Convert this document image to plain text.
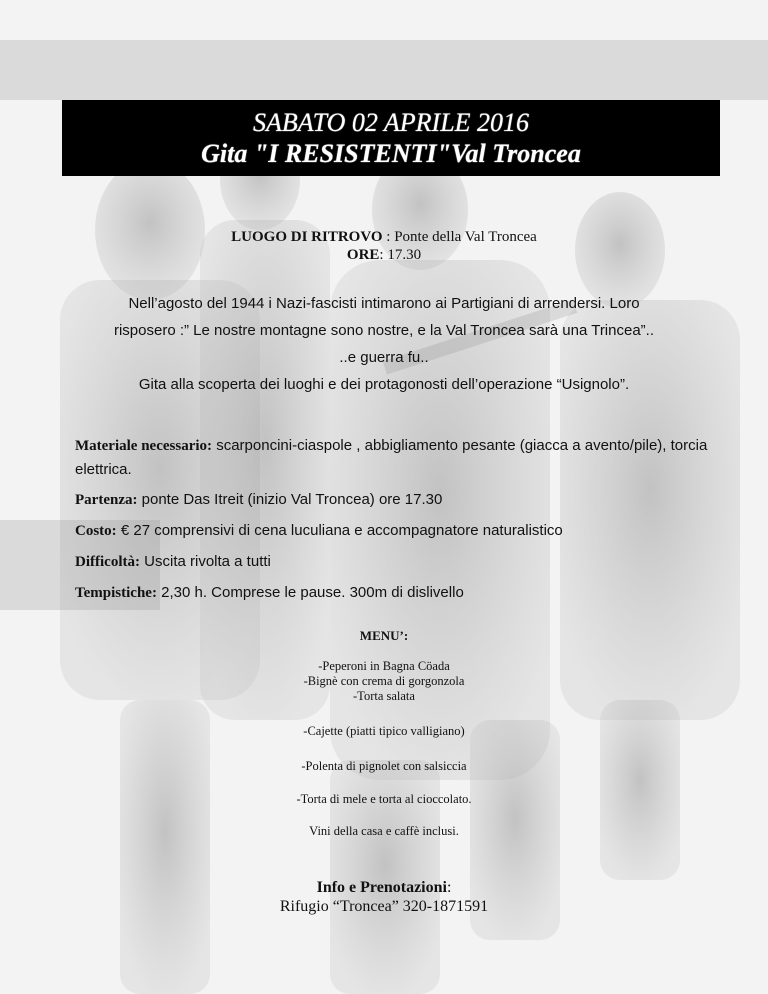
SABATO 02 APRILE 2016
Gita "I RESISTENTI"Val Troncea
LUOGO DI RITROVO : Ponte della Val Troncea
ORE: 17.30
Nell’agosto del 1944 i Nazi-fascisti intimarono ai Partigiani di arrendersi. Loro
risposero :” Le nostre montagne sono nostre, e la Val Troncea sarà una Trincea”..
..e guerra fu..
Gita alla scoperta dei luoghi e dei protagonosti dell’operazione “Usignolo”.

Materiale necessario: scarponcini-ciaspole , abbigliamento pesante (giacca a avento/pile), torcia elettrica.

Partenza: ponte Das Itreit (inizio Val Troncea) ore 17.30

Costo: € 27 comprensivi di cena luculiana e accompagnatore naturalistico

Difficoltà: Uscita rivolta a tutti

Tempistiche: 2,30 h. Comprese le pause. 300m di dislivello

MENU’:
-Peperoni in Bagna Cöada
-Bignè con crema di gorgonzola
-Torta salata
-Cajette (piatti tipico valligiano)
-Polenta di pignolet con salsiccia
-Torta di mele e torta al cioccolato.
Vini della casa e caffè inclusi.
Info e Prenotazioni:
Rifugio “Troncea” 320-1871591
